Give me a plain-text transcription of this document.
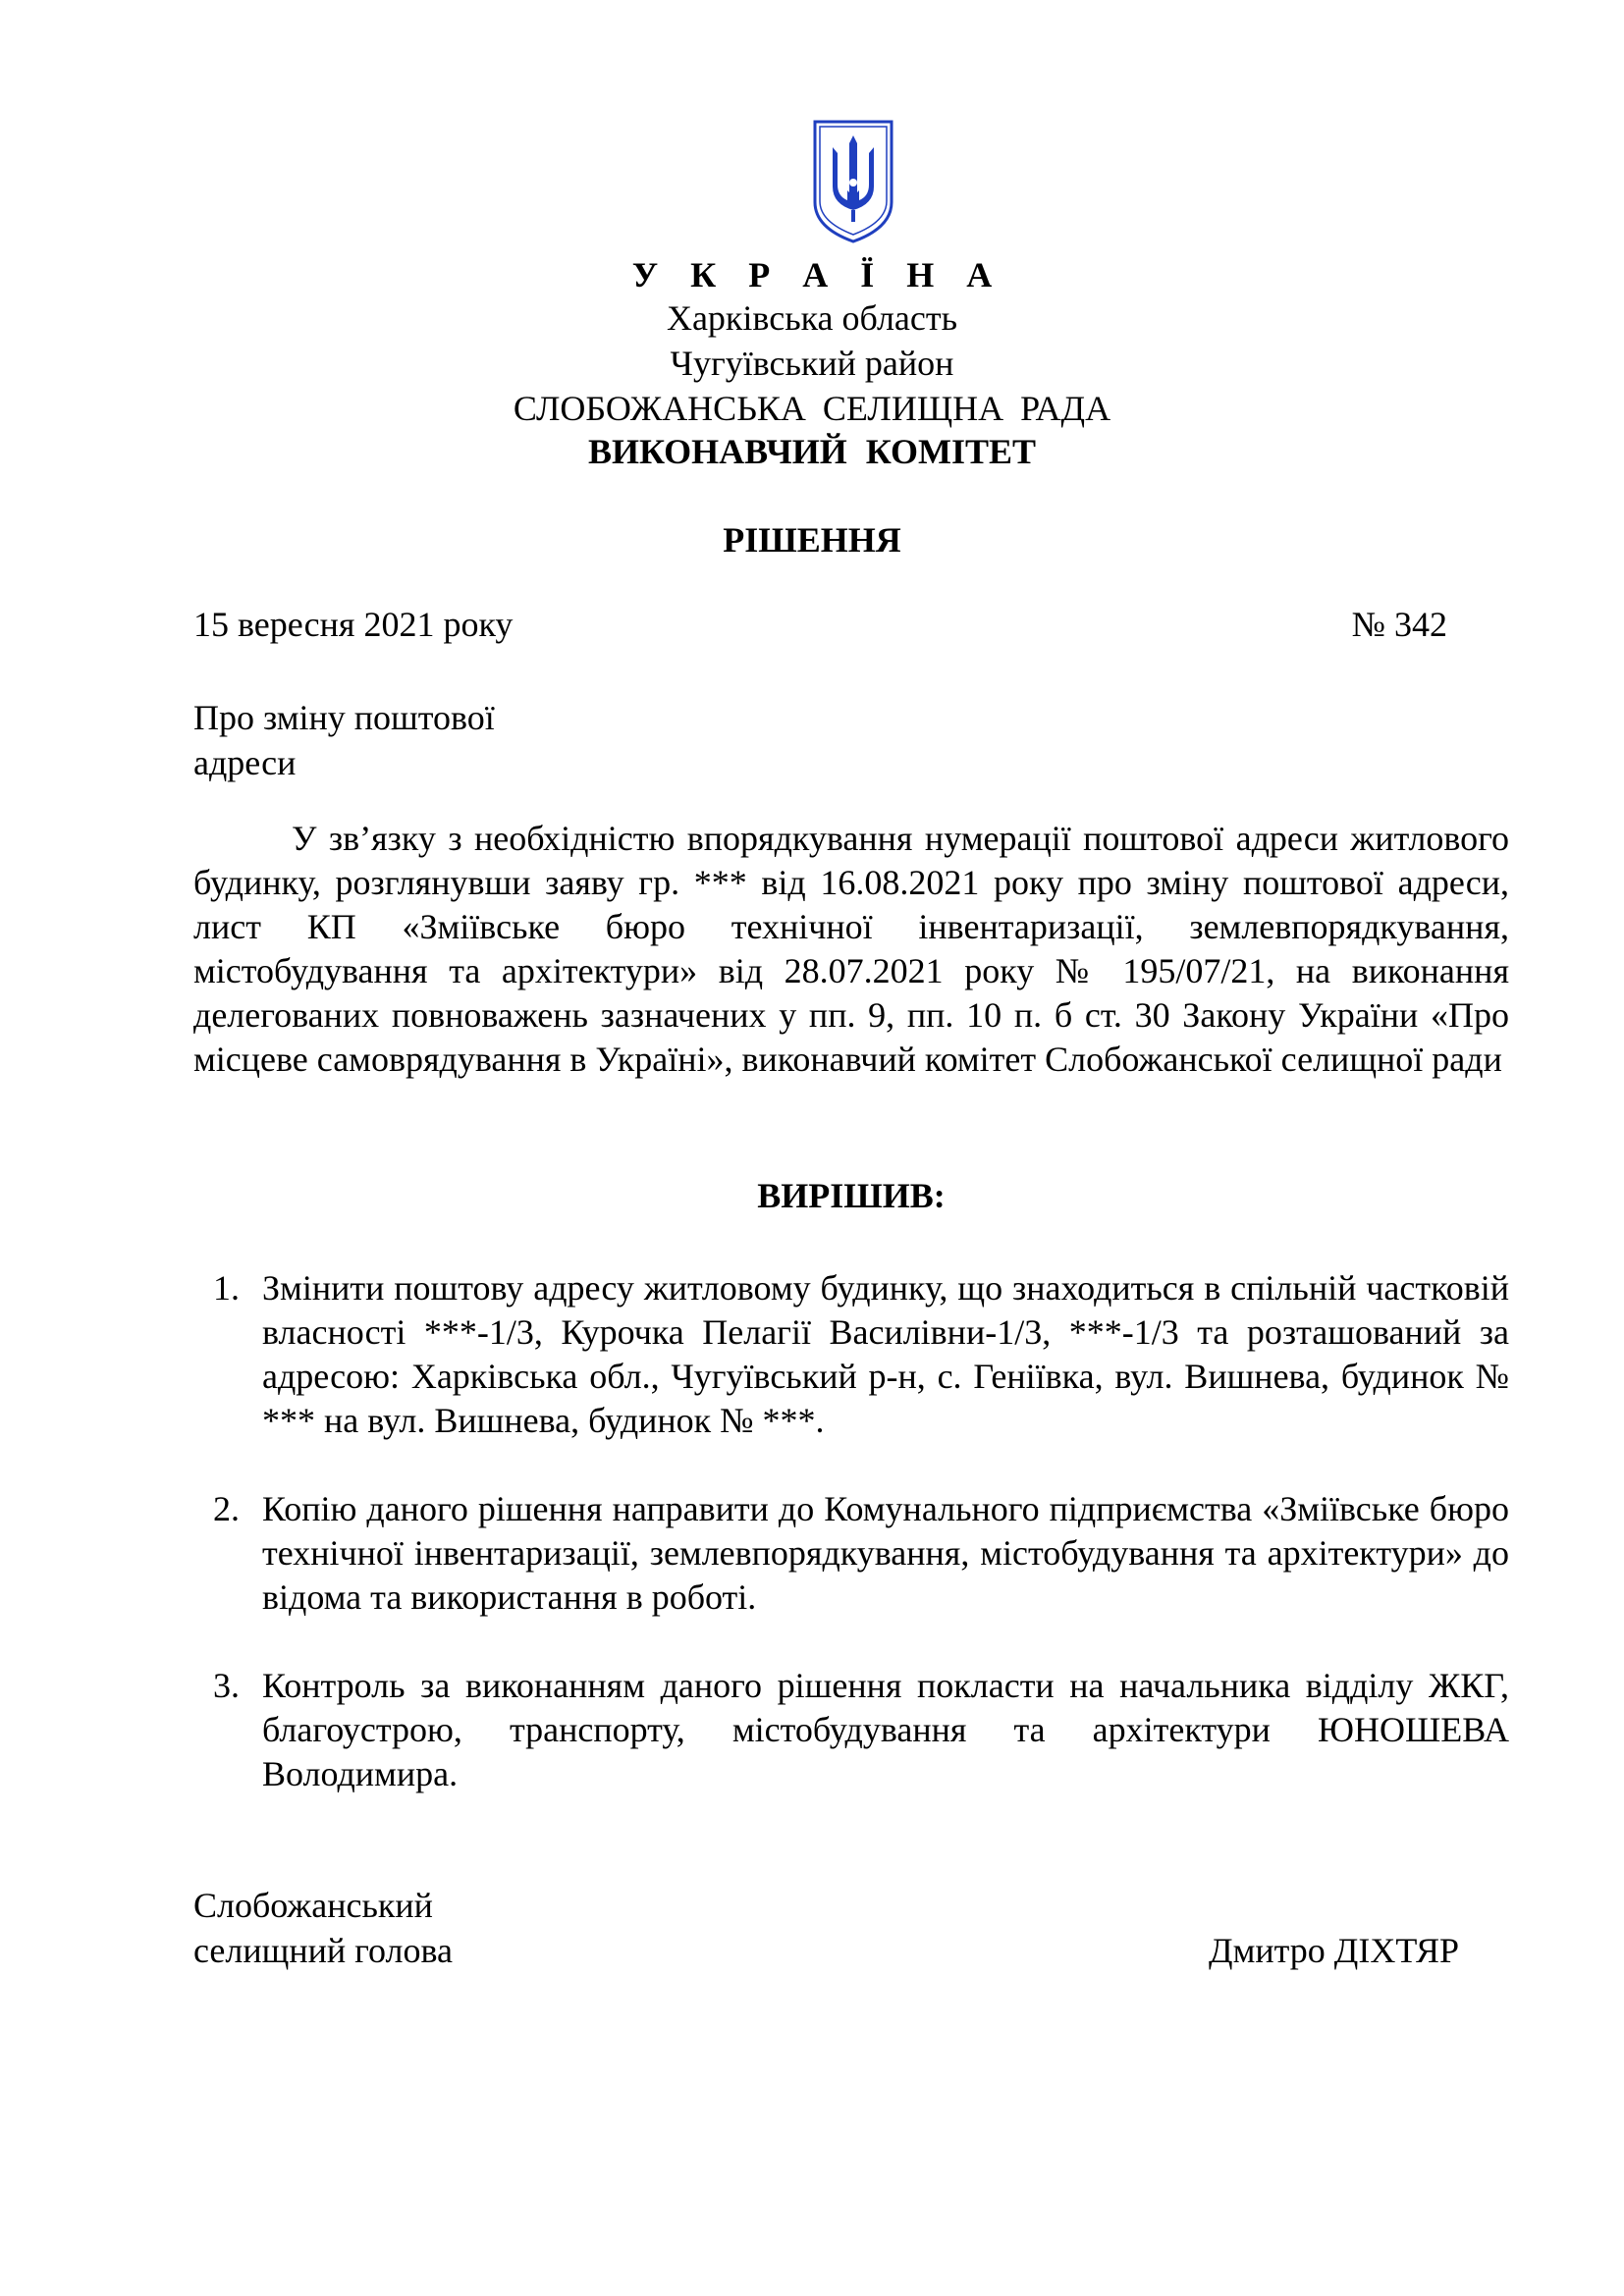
У К Р А Ї Н А
Харківська область
Чугуївський район
СЛОБОЖАНСЬКА СЕЛИЩНА РАДА
ВИКОНАВЧИЙ КОМІТЕТ
РІШЕННЯ
15 вересня 2021 року	№ 342
Про зміну поштової
адреси
У зв’язку з необхідністю впорядкування нумерації поштової адреси житлового будинку, розглянувши заяву гр. *** від 16.08.2021 року про зміну поштової адреси, лист КП «Зміївське бюро технічної інвентаризації, землевпорядкування, містобудування та архітектури» від 28.07.2021 року № 195/07/21, на виконання делегованих повноважень зазначених у пп. 9, пп. 10 п. б ст. 30 Закону України «Про місцеве самоврядування в Україні», виконавчий комітет Слобожанської селищної ради
ВИРІШИВ:
1. Змінити поштову адресу житловому будинку, що знаходиться в спільній частковій власності ***-1/3, Курочка Пелагії Василівни-1/3, ***-1/3 та розташований за адресою: Харківська обл., Чугуївський р-н, с. Геніївка, вул. Вишнева, будинок № *** на вул. Вишнева, будинок № ***.
2. Копію даного рішення направити до Комунального підприємства «Зміївське бюро технічної інвентаризації, землевпорядкування, містобудування та архітектури» до відома та використання в роботі.
3. Контроль за виконанням даного рішення покласти на начальника відділу ЖКГ, благоустрою, транспорту, містобудування та архітектури ЮНОШЕВА Володимира.
Слобожанський
селищний голова	Дмитро ДІХТЯР
